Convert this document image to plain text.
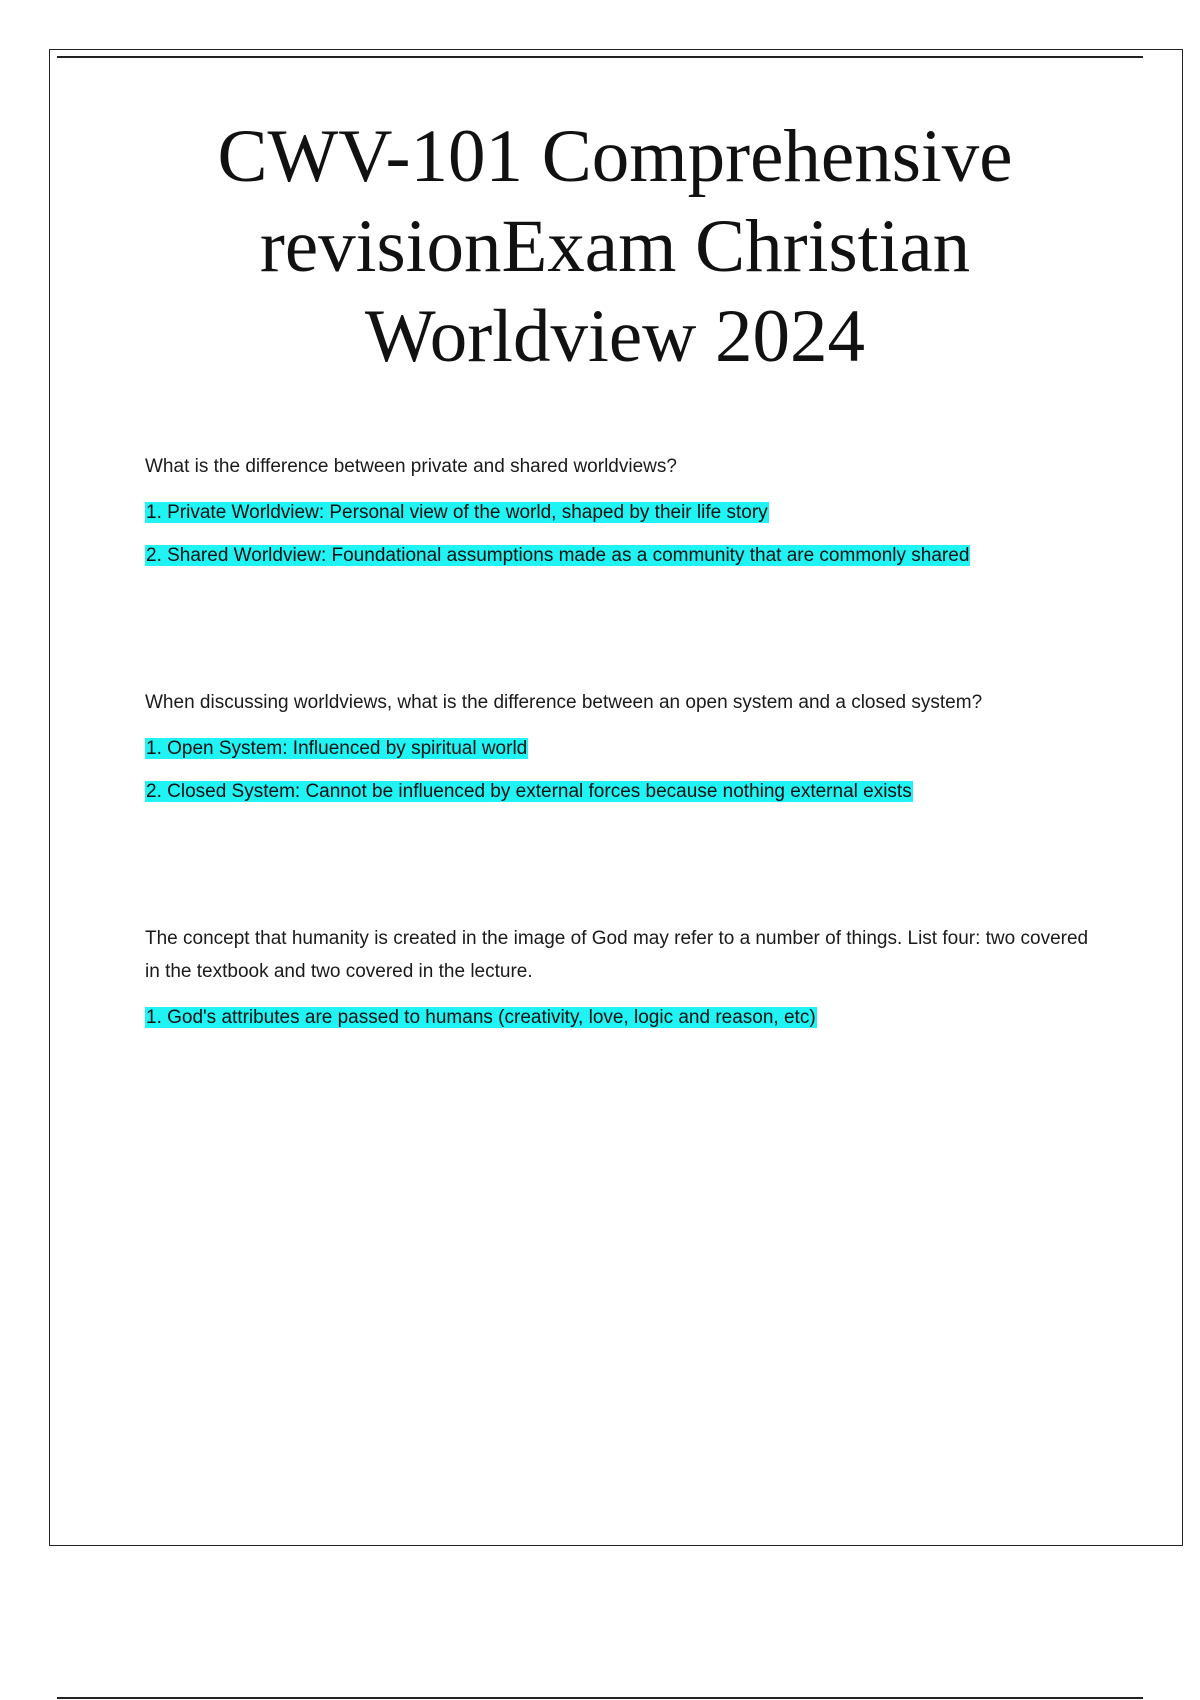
CWV-101 Comprehensive revisionExam Christian Worldview 2024

What is the difference between private and shared worldviews?

1. Private Worldview: Personal view of the world, shaped by their life story

2. Shared Worldview: Foundational assumptions made as a community that are commonly shared

When discussing worldviews, what is the difference between an open system and a closed system?

1. Open System: Influenced by spiritual world

2. Closed System: Cannot be influenced by external forces because nothing external exists

The concept that humanity is created in the image of God may refer to a number of things. List four: two covered in the textbook and two covered in the lecture.

1. God's attributes are passed to humans (creativity, love, logic and reason, etc)
